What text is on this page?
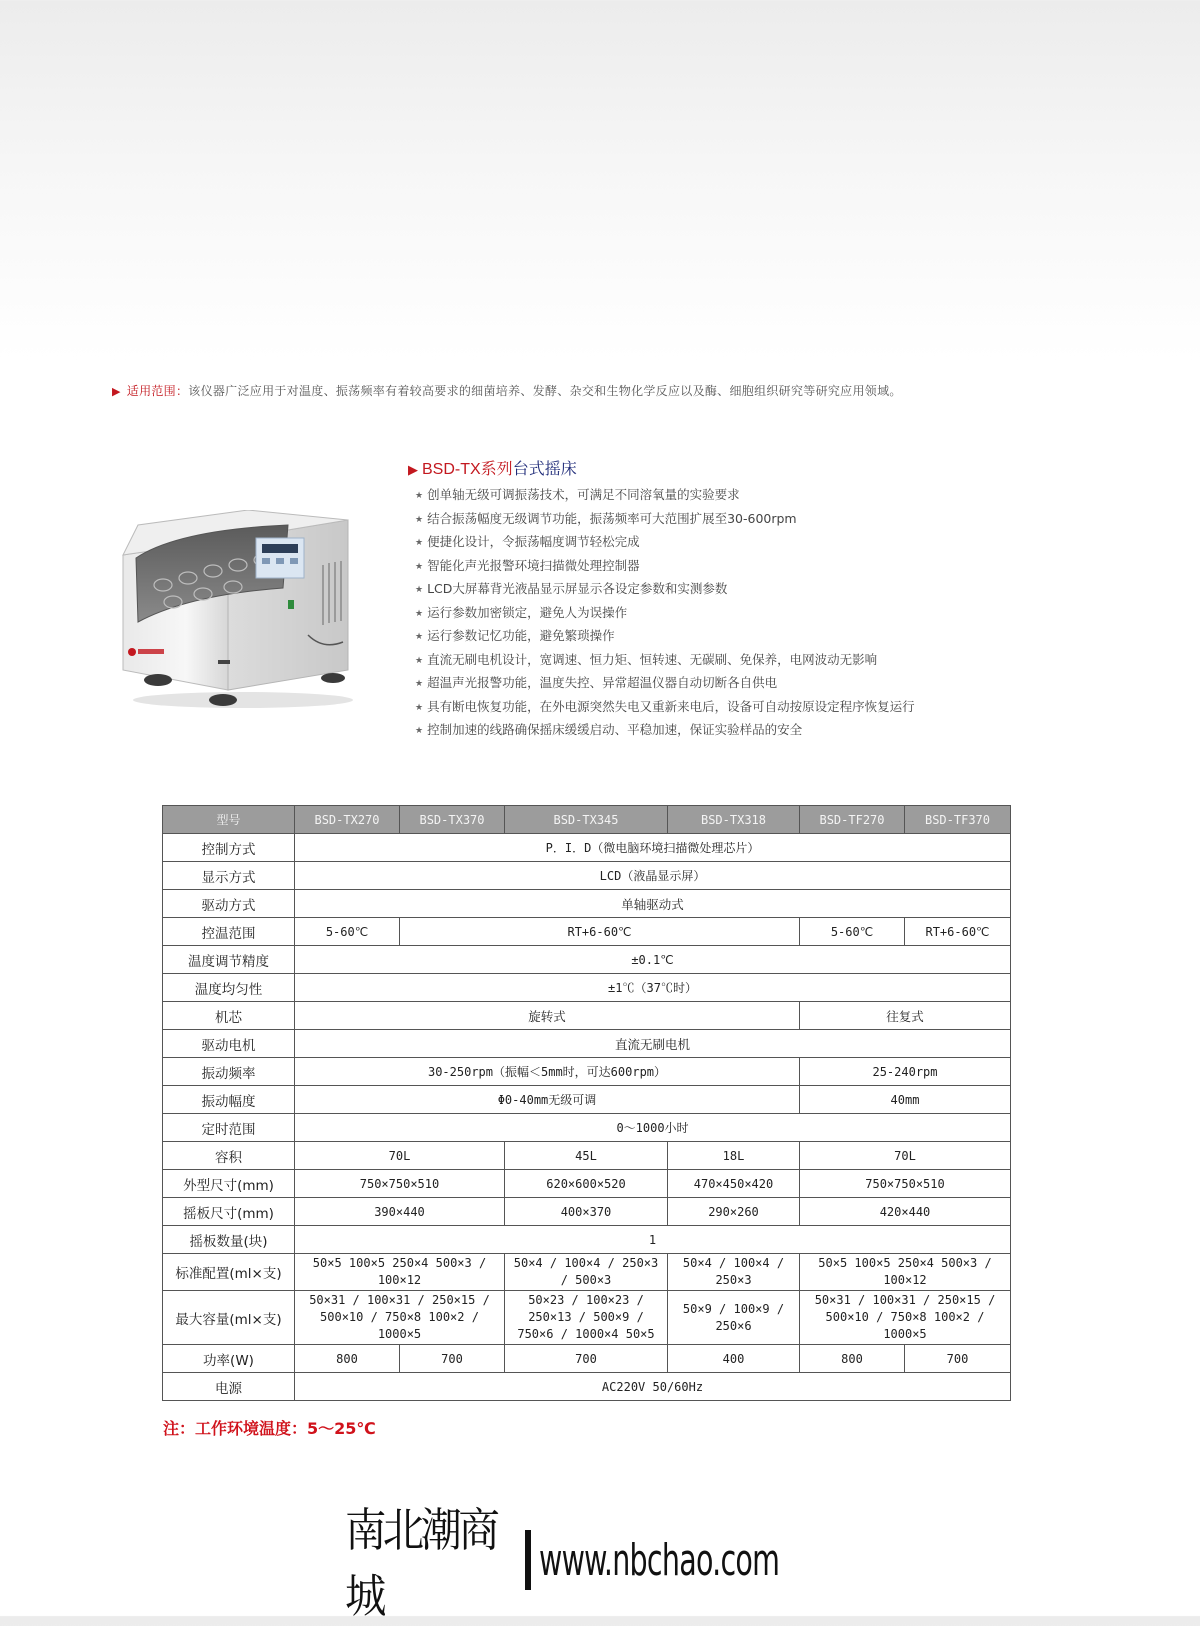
▶ 适用范围：该仪器广泛应用于对温度、振荡频率有着较高要求的细菌培养、发酵、杂交和生物化学反应以及酶、细胞组织研究等研究应用领域。
▶ BSD-TX系列台式摇床
★ 创单轴无级可调振荡技术，可满足不同溶氧量的实验要求
★ 结合振荡幅度无级调节功能，振荡频率可大范围扩展至30-600rpm
★ 便捷化设计，令振荡幅度调节轻松完成
★ 智能化声光报警环境扫描微处理控制器
★ LCD大屏幕背光液晶显示屏显示各设定参数和实测参数
★ 运行参数加密锁定，避免人为误操作
★ 运行参数记忆功能，避免繁琐操作
★ 直流无刷电机设计，宽调速、恒力矩、恒转速、无碳刷、免保养，电网波动无影响
★ 超温声光报警功能，温度失控、异常超温仪器自动切断各自供电
★ 具有断电恢复功能，在外电源突然失电又重新来电后，设备可自动按原设定程序恢复运行
★ 控制加速的线路确保摇床缓缓启动、平稳加速，保证实验样品的安全
型号	BSD-TX270	BSD-TX370	BSD-TX345	BSD-TX318	BSD-TF270	BSD-TF370
控制方式	P．I．D（微电脑环境扫描微处理芯片）					
显示方式	LCD（液晶显示屏）					
驱动方式	单轴驱动式					
控温范围	5-60℃	RT+6-60℃			5-60℃	RT+6-60℃
温度调节精度	±0.1℃					
温度均匀性	±1℃（37℃时）					
机芯	旋转式				往复式	
驱动电机	直流无刷电机					
振动频率	30-250rpm（振幅＜5mm时，可达600rpm）				25-240rpm	
振动幅度	Φ0-40mm无级可调				40mm	
定时范围	0～1000小时					
容积	70L		45L	18L	70L	
外型尺寸(mm)	750×750×510		620×600×520	470×450×420	750×750×510	
摇板尺寸(mm)	390×440		400×370	290×260	420×440	
摇板数量(块)	1					
标准配置(ml×支)	50×5 100×5 250×4 500×3 / 100×12		50×4 / 100×4 / 250×3 / 500×3	50×4 / 100×4 / 250×3	50×5 100×5 250×4 500×3 / 100×12	
最大容量(ml×支)	50×31 / 100×31 / 250×15 / 500×10 / 750×8 100×2 / 1000×5		50×23 / 100×23 / 250×13 / 500×9 / 750×6 / 1000×4 50×5	50×9 / 100×9 / 250×6	50×31 / 100×31 / 250×15 / 500×10 / 750×8 100×2 / 1000×5	
功率(W)	800	700	700	400	800	700
电源	AC220V 50/60Hz					
注：工作环境温度：5～25℃
南北潮商城
www.nbchao.com
